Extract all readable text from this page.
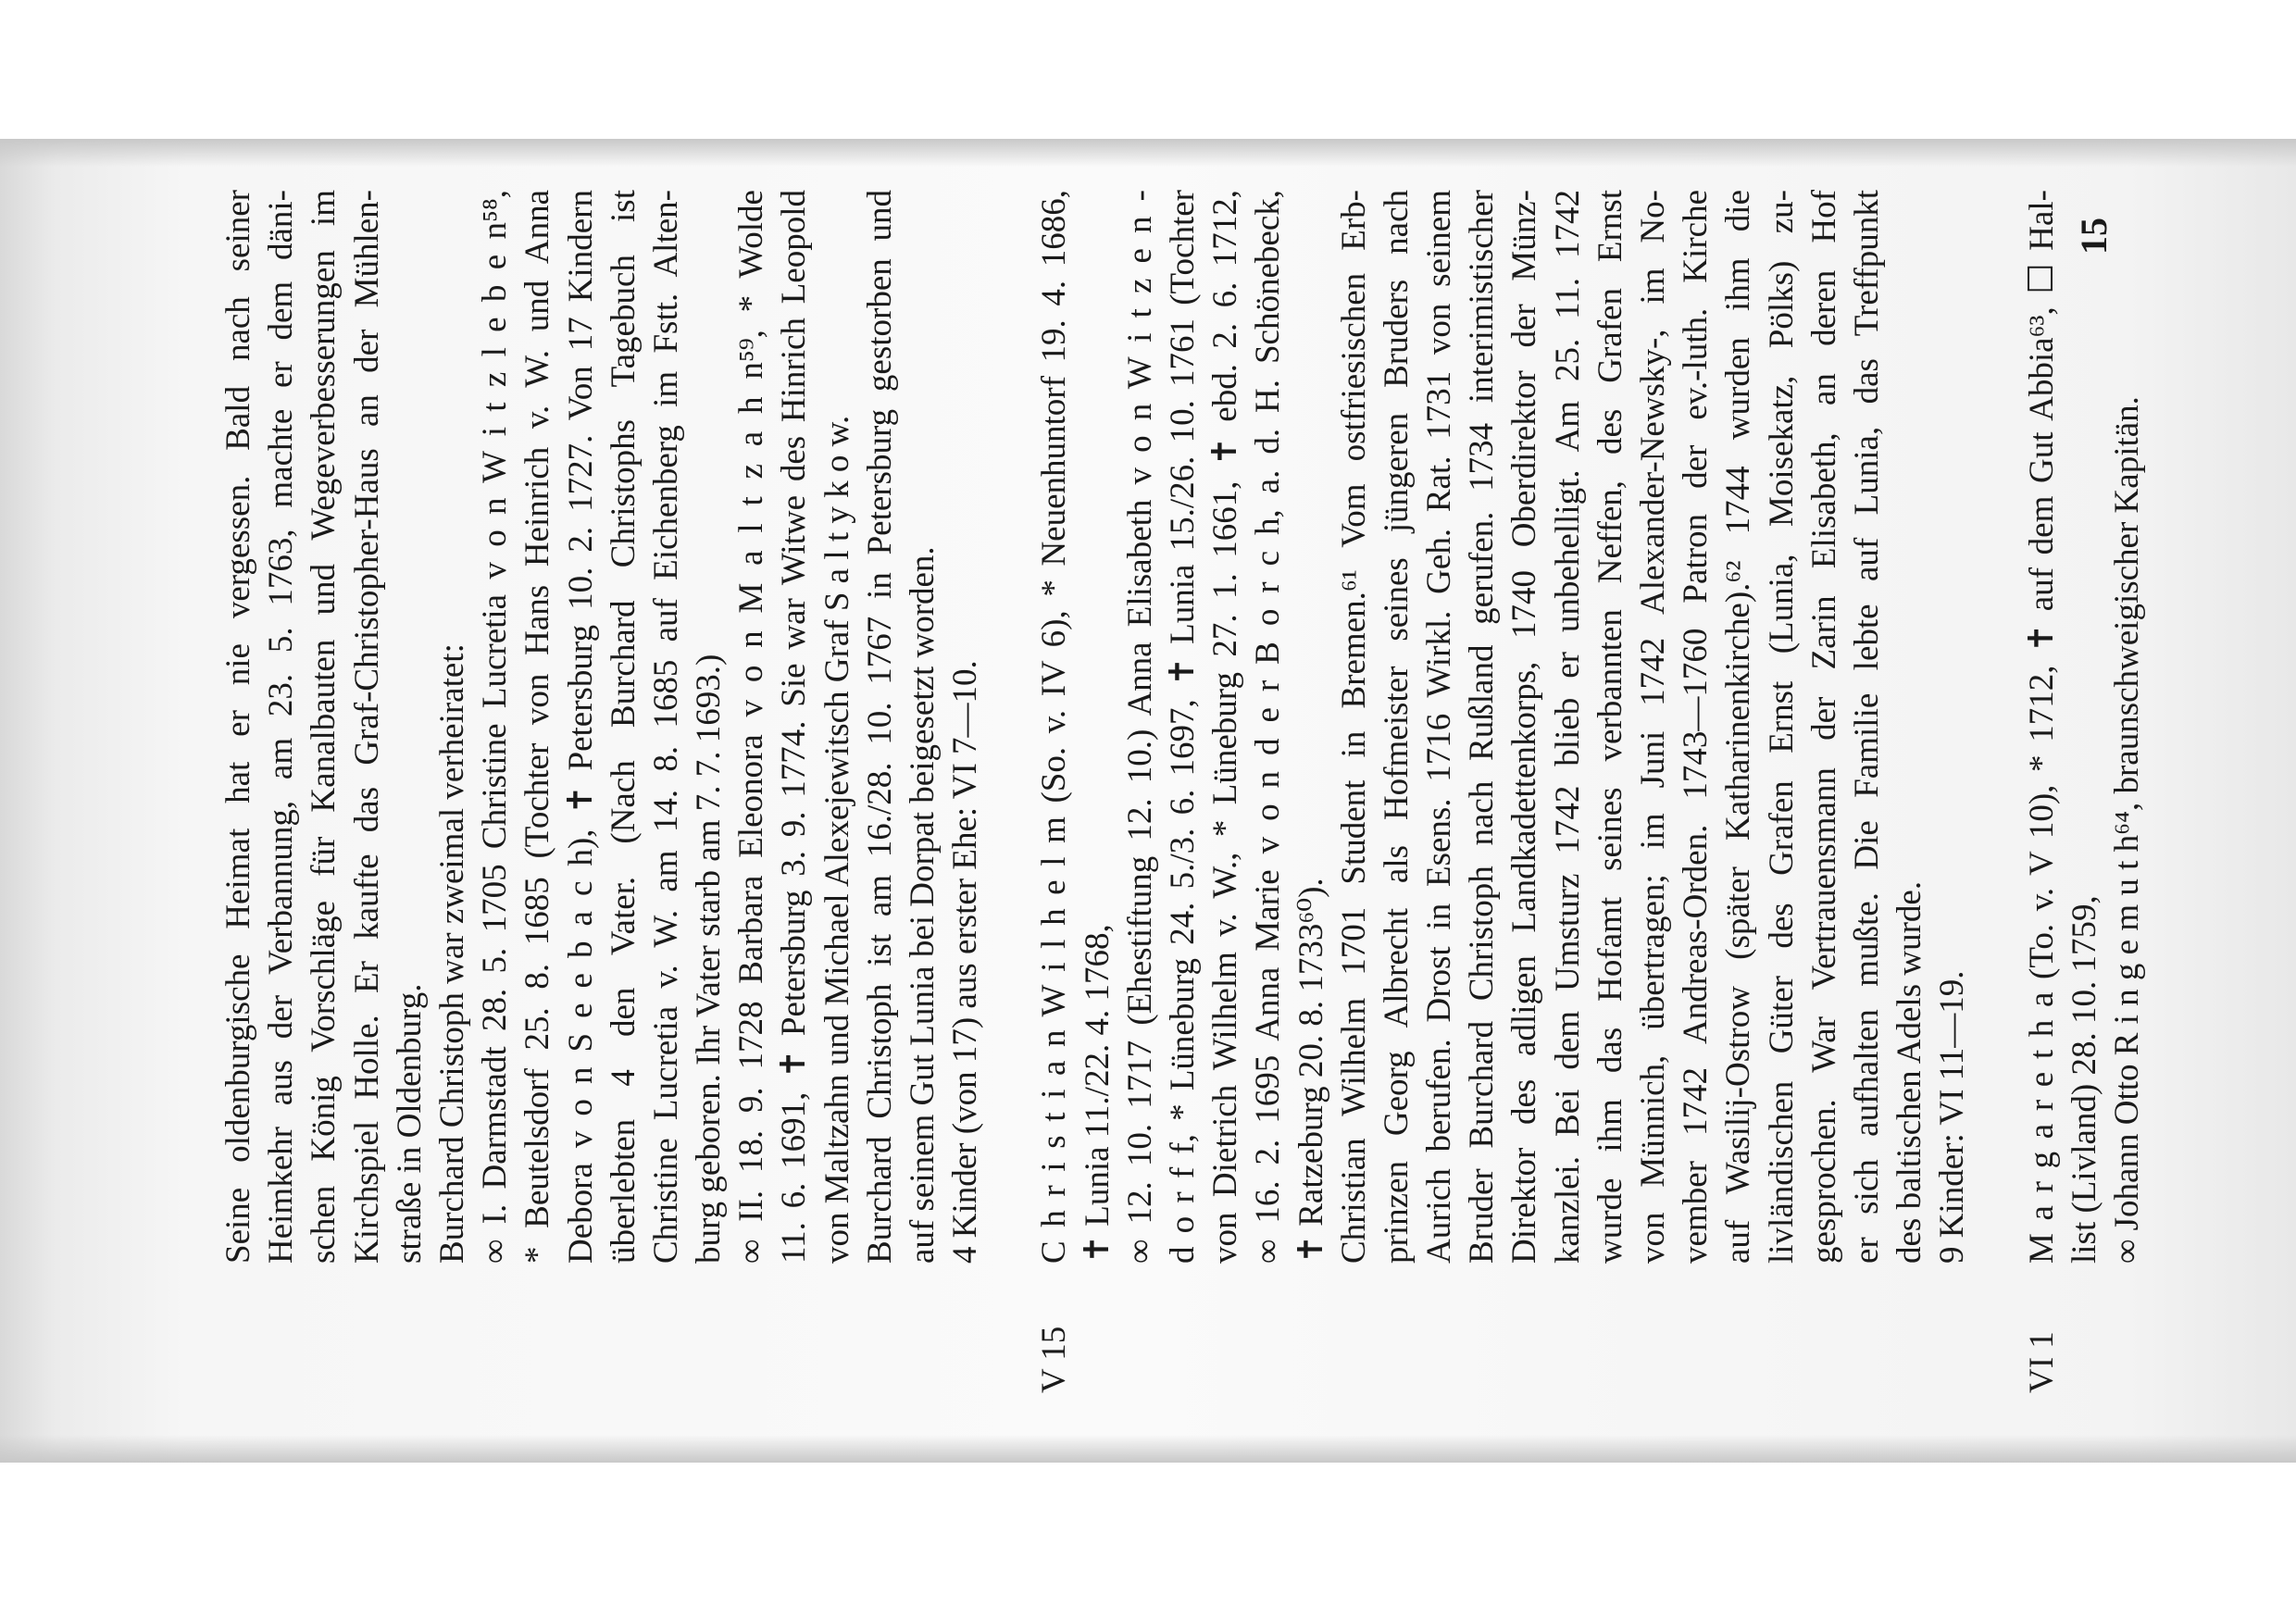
Seine oldenburgische Heimat hat er nie vergessen. Bald nach seiner Heimkehr aus der Verbannung, am 23. 5. 1763, machte er dem däni- schen König Vorschläge für Kanalbauten und Wegeverbesserungen im Kirchspiel Holle. Er kaufte das Graf-Christopher-Haus an der Mühlen- straße in Oldenburg. Burchard Christoph war zweimal verheiratet: ∞ I. Darmstadt 28. 5. 1705 Christine Lucretia v o n W i t z l e b e n⁵⁸, * Beutelsdorf 25. 8. 1685 (Tochter von Hans Heinrich v. W. und Anna Debora v o n S e e b a c h), ✝ Petersburg 10. 2. 1727. Von 17 Kindern überlebten 4 den Vater. (Nach Burchard Christophs Tagebuch ist Christine Lucretia v. W. am 14. 8. 1685 auf Eichenberg im Fstt. Alten- burg geboren. Ihr Vater starb am 7. 7. 1693.) ∞ II. 18. 9. 1728 Barbara Eleonora v o n M a l t z a h n⁵⁹, * Wolde 11. 6. 1691, ✝ Petersburg 3. 9. 1774. Sie war Witwe des Hinrich Leopold von Maltzahn und Michael Alexejewitsch Graf S a l t y k o w. Burchard Christoph ist am 16./28. 10. 1767 in Petersburg gestorben und auf seinem Gut Lunia bei Dorpat beigesetzt worden. 4 Kinder (von 17) aus erster Ehe: VI 7—10.
V 15
C h r i s t i a n W i l h e l m (So. v. IV 6), * Neuenhuntorf 19. 4. 1686, ✝ Lunia 11./22. 4. 1768, ∞ 12. 10. 1717 (Ehestiftung 12. 10.) Anna Elisabeth v o n W i t z e n - d o r f f, * Lüneburg 24. 5./3. 6. 1697, ✝ Lunia 15./26. 10. 1761 (Tochter von Dietrich Wilhelm v. W., * Lüneburg 27. 1. 1661, ✝ ebd. 2. 6. 1712, ∞ 16. 2. 1695 Anna Marie v o n d e r B o r c h, a. d. H. Schönebeck, ✝ Ratzeburg 20. 8. 1733⁶⁰). Christian Wilhelm 1701 Student in Bremen.⁶¹ Vom ostfriesischen Erb- prinzen Georg Albrecht als Hofmeister seines jüngeren Bruders nach Aurich berufen. Drost in Esens. 1716 Wirkl. Geh. Rat. 1731 von seinem Bruder Burchard Christoph nach Rußland gerufen. 1734 interimistischer Direktor des adligen Landkadettenkorps, 1740 Oberdirektor der Münz- kanzlei. Bei dem Umsturz 1742 blieb er unbehelligt. Am 25. 11. 1742 wurde ihm das Hofamt seines verbannten Neffen, des Grafen Ernst von Münnich, übertragen; im Juni 1742 Alexander-Newsky-, im No- vember 1742 Andreas-Orden. 1743—1760 Patron der ev.-luth. Kirche auf Wasilij-Ostrow (später Katharinenkirche).⁶² 1744 wurden ihm die livländischen Güter des Grafen Ernst (Lunia, Moisekatz, Pölks) zu- gesprochen. War Vertrauensmann der Zarin Elisabeth, an deren Hof er sich aufhalten mußte. Die Familie lebte auf Lunia, das Treffpunkt des baltischen Adels wurde. 9 Kinder: VI 11—19.
VI 1
M a r g a r e t h a (To. v. V 10), * 1712, ✝ auf dem Gut Abbia⁶³, ☐ Hal- list (Livland) 28. 10. 1759, ∞ Johann Otto R i n g e m u t h⁶⁴, braunschweigischer Kapitän.
15
